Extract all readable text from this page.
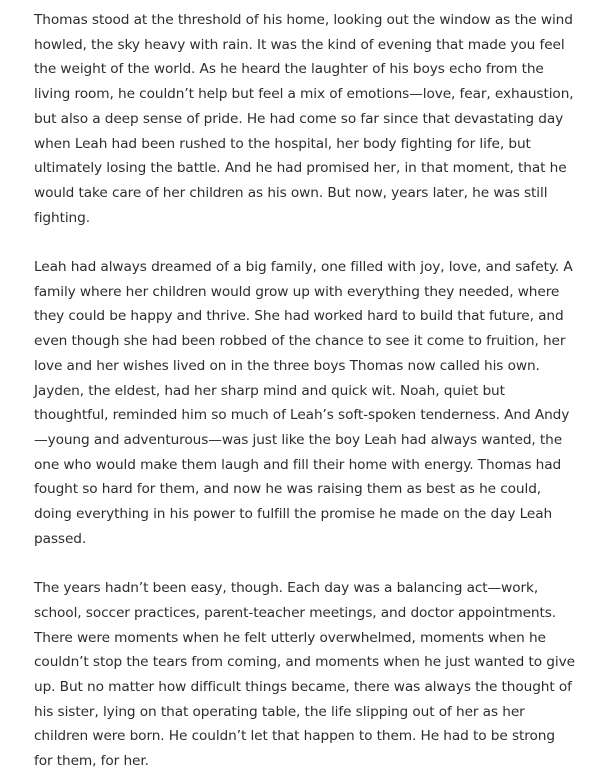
Thomas stood at the threshold of his home, looking out the window as the wind howled, the sky heavy with rain. It was the kind of evening that made you feel the weight of the world. As he heard the laughter of his boys echo from the living room, he couldn’t help but feel a mix of emotions—love, fear, exhaustion, but also a deep sense of pride. He had come so far since that devastating day when Leah had been rushed to the hospital, her body fighting for life, but ultimately losing the battle. And he had promised her, in that moment, that he would take care of her children as his own. But now, years later, he was still fighting.

Leah had always dreamed of a big family, one filled with joy, love, and safety. A family where her children would grow up with everything they needed, where they could be happy and thrive. She had worked hard to build that future, and even though she had been robbed of the chance to see it come to fruition, her love and her wishes lived on in the three boys Thomas now called his own. Jayden, the eldest, had her sharp mind and quick wit. Noah, quiet but thoughtful, reminded him so much of Leah’s soft-spoken tenderness. And Andy—young and adventurous—was just like the boy Leah had always wanted, the one who would make them laugh and fill their home with energy. Thomas had fought so hard for them, and now he was raising them as best as he could, doing everything in his power to fulfill the promise he made on the day Leah passed.

The years hadn’t been easy, though. Each day was a balancing act—work, school, soccer practices, parent-teacher meetings, and doctor appointments. There were moments when he felt utterly overwhelmed, moments when he couldn’t stop the tears from coming, and moments when he just wanted to give up. But no matter how difficult things became, there was always the thought of his sister, lying on that operating table, the life slipping out of her as her children were born. He couldn’t let that happen to them. He had to be strong for them, for her.
